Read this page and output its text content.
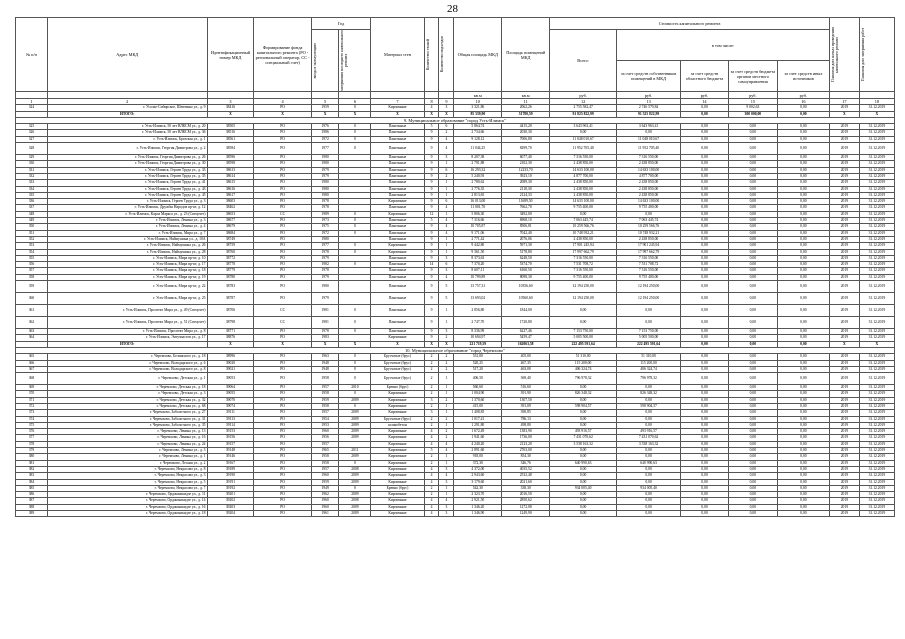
28
№ п/п	Адрес МКД	Идентификационный номер МКД	Формирование фонда капитального ремонта (РО - региональный оператор, СС - специальный счет)	Год		Материал стен	Количество этажей	Количество подъездов	Общая площадь МКД	Площадь помещений МКД	Стоимость капитального ремонта					Плановая дата начала проведения капитального ремонта	Плановая дата завершения работ

				ввода в эксплуатацию	завершения последнего капитального ремонта						Всего:	в том числе:					
												за счет средств собственников помещений в МКД	за счет средств областного бюджета	за счет средств бюджета органов местного самоуправления	за счет средств иных источников		
									кв.м	кв.м	руб.	руб.	руб.	руб.	руб.		
1	2	3	4	5	6	7	8	9	10	11	12	13	14	15	16	17	18
324	г. Усолье-Сибирское, Шевченко ул., д. 9	38416	РО	1959	0	Кирпичные	4	3	3 321,86	2062,26	2 755 582,47	2 746 579,84	0,00	9 002,63	0,00	2019	31.12.2019
	ИТОГО:	X	X	X	X	X	X	X	85 339,90	51780,59	91 825 822,99	91 525 822,99	0,00	300 000,00	0,00	X	X
9. Муниципальное образование "город Усть-Илимск"																	
325	г. Усть-Илимск, 50 лет ВЛКСМ ул., д. 20	38505	РО	1976	0	Панельные	5	6	5 864,74	4415,20	3 643 963,41	3 643 963,41	0,00	0,00	0,00	2019	31.12.2019
326	г. Усть-Илимск, 50 лет ВЛКСМ ул., д. 36	38516	РО	1986	0	Панельные	9	2	2 734,66	2030,30	0,00	0,00	0,00	0,00	0,00	2019	31.12.2019
327	г. Усть-Илимск, Братская ул., д. 1	38561	РО	1972	0	Панельные	9	4	9 128,12	7006,80	11 048 010,67	11 048 010,67	0,00	0,00	0,00	2019	31.12.2019
328	г. Усть-Илимск, Георгия Димитрова ул., д. 2	38584	РО	1977	0	Панельные	9	4	11 044,25	8299,70	11 952 705,40	11 952 705,40	0,00	0,00	0,00	2019	31.12.2019
329	г. Усть-Илимск, Георгия Димитрова ул., д. 26	38596	РО	1980		Панельные	9	3	8 207,38	6077,40	7 316 550,00	7 316 550,00	0,00	0,00	0,00	2019	31.12.2019
330	г. Усть-Илимск, Георгия Димитрова ул., д. 30	38598	РО	1980		Панельные	9	1	2 791,88	2102,30	2 438 850,00	2 438 850,00	0,00	0,00	0,00	2019	31.12.2019
331	г. Усть-Илимск, Героев Труда ул., д. 33	38613	РО	1979		Панельные	9	6	16 293,32	12233,70	14 633 100,00	14 633 100,00	0,00	0,00	0,00	2019	31.12.2019
332	г. Усть-Илимск, Героев Труда ул., д. 35	38614	РО	1979		Панельные	9	2	5 240,93	3923,10	4 877 700,00	4 877 700,00	0,00	0,00	0,00	2019	31.12.2019
333	г. Усть-Илимск, Героев Труда ул., д. 41	38615	РО	1980		Панельные	9	1	2 780,62	2089,30	2 438 850,00	2 438 850,00	0,00	0,00	0,00	2019	31.12.2019
334	г. Усть-Илимск, Героев Труда ул., д. 43	38616	РО	1980		Панельные	9	1	2 776,35	2118,30	2 438 850,00	2 438 850,00	0,00	0,00	0,00	2019	31.12.2019
335	г. Усть-Илимск, Героев Труда ул., д. 45	38617	РО	1980		Панельные	9	1	2 813,65	2124,33	2 438 850,00	2 438 850,00	0,00	0,00	0,00	2019	31.12.2019
336	г. Усть-Илимск, Героев Труда ул., д. 3	38603	РО	1978		Кирпичные	9	6	16 013,00	11689,50	14 633 100,00	14 633 100,00	0,00	0,00	0,00	2019	31.12.2019
337	г. Усть-Илимск, Дружбы Народов пр-кт, д. 12	38462	РО	1978		Панельные	9	4	11 001,70	7662,70	9 755 400,00	9 755 400,00	0,00	0,00	0,00	2019	31.12.2019
348	г. Усть-Илимск, Карла Маркса ул., д. 23 (Спецсчет)	38653	СС	1989	0	Кирпичные	12	1	5 806,30	3492,00	0,00	0,00	0,00	0,00	0,00	2019	31.12.2019
349	г. Усть-Илимск, Ленина ул., д. 3	38677	РО	1973	0	Панельные	5	4	7 316,66	6968,10	7 063 445,74	7 063 445,74	0,00	0,00	0,00	2019	31.12.2019
350	г. Усть-Илимск, Ленина ул., д. 4	38679	РО	1975	0	Панельные	9	4	10 705,87	8506,81	10 259 566,76	10 259 566,76	0,00	0,00	0,00	2019	31.12.2019
351	г. Усть-Илимск, Мира ул., д. 7	38684	РО	1972	0	Панельные	9	4	9 171,06	7042,40	10 748 932,21	10 748 932,21	0,00	0,00	0,00	2019	31.12.2019
352	г. Усть-Илимск, Наймушина ул., д. 10А	38749	РО	1980		Панельные	9	1	2 771,42	2076,06	2 438 850,00	2 438 850,00	0,00	0,00	0,00	2019	31.12.2019
353	г. Усть-Илимск, Наймушина ул., д. 26	38759	РО	1977	0	Кирпичные	9	1	9 442,80	5971,30	17 901 245,94	17 901 245,94	0,00	0,00	0,00	2019	31.12.2019
354	г. Усть-Илимск, Наймушина ул., д. 28	38760	РО	1978	0	Кирпичные	9	1	9 361,50	5178,80	17 997 662,79	17 997 662,79	0,00	0,00	0,00	2019	31.12.2019
355	г. Усть-Илимск, Мира пр-кт, д. 10	38772	РО	1979		Панельные	9	3	8 373,63	6248,50	7 316 550,00	7 316 550,00	0,00	0,00	0,00	2019	31.12.2019
356	г. Усть-Илимск, Мира пр-кт, д. 17	38778	РО	1982	0	Панельные	14	6	7 370,20	5374,70	7 531 708,72	7 531 708,72	0,00	0,00	0,00	2019	31.12.2019
357	г. Усть-Илимск, Мира пр-кт, д. 18	38779	РО	1978		Панельные	9	3	8 607,11	6160,50	7 316 550,00	7 316 550,00	0,00	0,00	0,00	2019	31.12.2019
358	г. Усть-Илимск, Мира пр-кт, д. 19	38780	РО	1979		Панельные	9	4	10 799,89	8098,30	9 755 400,00	9 755 400,00	0,00	0,00	0,00	2019	31.12.2019
359	г. Усть-Илимск, Мира пр-кт, д. 22	38783	РО	1980		Панельные	9	5	13 757,31	10356,60	12 194 250,00	12 194 250,00	0,00	0,00	0,00	2019	31.12.2019
360	г. Усть-Илимск, Мира пр-кт, д. 25	38787	РО	1979		Панельные	9	5	13 693,02	10560,60	12 194 250,00	12 194 250,00	0,00	0,00	0,00	2019	31.12.2019
361	г. Усть-Илимск, Проспект Мира ул., д. 49 (Спецсчет)	38706	СС	1981	0	Панельные	9	1	2 856,80	1844,00	0,00	0,00	0,00	0,00	0,00	2019	31.12.2019
362	г. Усть-Илимск, Проспект Мира ул., д. 51 (Спецсчет)	38798	СС	1981	0	Панельные	9	1	2 747,70	1720,80	0,00	0,00	0,00	0,00	0,00	2019	31.12.2019
363	г. Усть-Илимск, Проспект Мира ул., д. 8	38771	РО	1978	0	Панельные	9	3	8 336,99	6227,46	7 153 750,00	7 153 750,00	0,00	0,00	0,00	2019	31.12.2019
364	г. Усть-Илимск, Энтузиастов ул., д. 17	38876	РО	1983		Кирпичные	9	2	10 694,97	5459,47	5 005 500,00	5 005 500,00	0,00	0,00	0,00	2019	31.12.2019
	ИТОГО:	X	X	X	X	X	X	X	221 719,59	162063,58	222 495 591,64	222 495 591,64	0,00	0,00	0,00	X	X
10. Муниципальное образование "город Черемхово"																	
365	г. Черемхово, Белинского ул., д. 18	38996	РО	1963	0	Брусчатые (брус)	2	2	531,00	405,00	51 310,00	51 310,00	0,00	0,00	0,00	2019	31.12.2019
366	г. Черемхово, Володарского ул., д. 6	39020	РО	1948	0	Брусчатые (брус)	2	2	520,25	467,35	115 200,00	115 200,00	0,00	0,00	0,00	2019	31.12.2019
367	г. Черемхово, Володарского ул., д. 8	39021	РО	1948	0	Брусчатые (брус)	2	2	517,20	463,00	406 324,74	406 324,74	0,00	0,00	0,00	2019	31.12.2019
368	г. Черемхово, Детская ул., д. 1	39053	РО	1958	0	Брусчатые (брус)	2	1	406,50	369,40	796 978,32	796 978,32	0,00	0,00	0,00	2019	31.12.2019
369	г. Черемхово, Детская ул., д. 18	39064	РО	1957	2010	Бревно (брус)	2	1	560,60	516,60	0,00	0,00	0,00	0,00	0,00	2019	31.12.2019
370	г. Черемхово, Детская ул., д. 3	39055	РО	1958	0	Кирпичные	2	1	1 004,90	391,90	826 348,32	826 348,32	0,00	0,00	0,00	2019	31.12.2019
371	г. Черемхово, Детская ул., д. 32	39070	РО	1959	2009	Кирпичные	3	2	1 370,60	1307,50	0,00	0,00	0,00	0,00	0,00	2019	31.12.2019
372	г. Черемхово, Детская ул., д. 68	39074	РО	1958	0	Кирпичные	2	1	415,00	391,09	598 904,57	598 904,57	0,00	0,00	0,00	2019	31.12.2019
373	г. Черемхово, Заболотного ул., д. 27	39111	РО	1957	2009	Кирпичные	3	1	1 408,85	390,85	0,00	0,00	0,00	0,00	0,00	2019	31.12.2019
374	г. Черемхово, Заболотного ул., д. 31	39113	РО	1954	2009	Брусчатые (брус)	2	2	1 017,41	786,13	0,00	0,00	0,00	0,00	0,00	2019	31.12.2019
375	г. Черемхово, Заболотного ул., д. 35	39114	РО	1953	2009	шлакобетон	2	1	1 291,80	498,80	0,00	0,00	0,00	0,00	0,00	2019	31.12.2019
376	г. Черемхово, Ленина ул., д. 13	39153	РО	1960	2009	Кирпичные	4	2	1 672,49	1383,90	493 916,57	493 916,57	0,00	0,00	0,00	2019	31.12.2019
377	г. Черемхово, Ленина ул., д. 16	39156	РО	1956	2009	Кирпичные	4	2	1 941,60	1736,00	7 431 070,62	7 431 070,62	0,00	0,00	0,00	2019	31.12.2019
378	г. Черемхово, Ленина ул., д. 24	39157	РО	1957		Кирпичные	4	4	4 240,20	2123,20	3 538 163,32	3 538 163,32	0,00	0,00	0,00	2019	31.12.2019
379	г. Черемхово, Ленина ул., д. 3	39148	РО	1965	2011	Кирпичные	5	4	2 891,60	2763,00	0,00	0,00	0,00	0,00	0,00	2019	31.12.2019
380	г. Черемхово, Ленина ул., д. 1	39146	РО	1958	2009	Кирпичные	2	1	918,00	854,30	0,00	0,00	0,00	0,00	0,00	2019	31.12.2019
381	г. Черемхово, Лесная ул., д. 2	39167	РО	1958	0	Кирпичные	2	1	372,30	346,76	640 990,63	640 990,63	0,00	0,00	0,00	2019	31.12.2019
382	г. Черемхово, Некрасова ул., д. 8	39189	РО	1957	2008	Кирпичные	4	3	4 372,00	4035,52	0,00	0,00	0,00	0,00	0,00	2019	31.12.2019
383	г. Черемхово, Некрасова ул., д. 3	39190	РО	1960	2009	Кирпичные	4	4	2 943,60	2532,48	0,00	0,00	0,00	0,00	0,00	2019	31.12.2019
384	г. Черемхово, Некрасова ул., д. 5	39191	РО	1959	2009	Кирпичные	4	3	3 179,60	2021,60	0,00	0,00	0,00	0,00	0,00	2019	31.12.2019
385	г. Черемхово, Некрасова ул., д. 7	39192	РО	1949	0	Бревно (брус)	2	1	542,30	338,30	934 005,40	934 005,40	0,00	0,00	0,00	2019	31.12.2019
386	г. Черемхово, Орджоникидзе ул., д. 11	39201	РО	1962	2009	Кирпичные	2	1	2 323,70	2016,50	0,00	0,00	0,00	0,00	0,00	2019	31.12.2019
387	г. Черемхово, Орджоникидзе ул., д. 14	39202	РО	1960	2008	Кирпичные	4	4	2 921,50	2850,62	0,00	0,00	0,00	0,00	0,00	2019	31.12.2019
388	г. Черемхово, Орджоникидзе ул., д. 16	39203	РО	1960	2009	Кирпичные	4	3	1 346,20	1272,08	0,00	0,00	0,00	0,00	0,00	2019	31.12.2019
389	г. Черемхово, Орджоникидзе ул., д. 18	39204	РО	1961	2009	Кирпичные	4	3	1 346,90	1249,90	0,00	0,00	0,00	0,00	0,00	2019	31.12.2019
